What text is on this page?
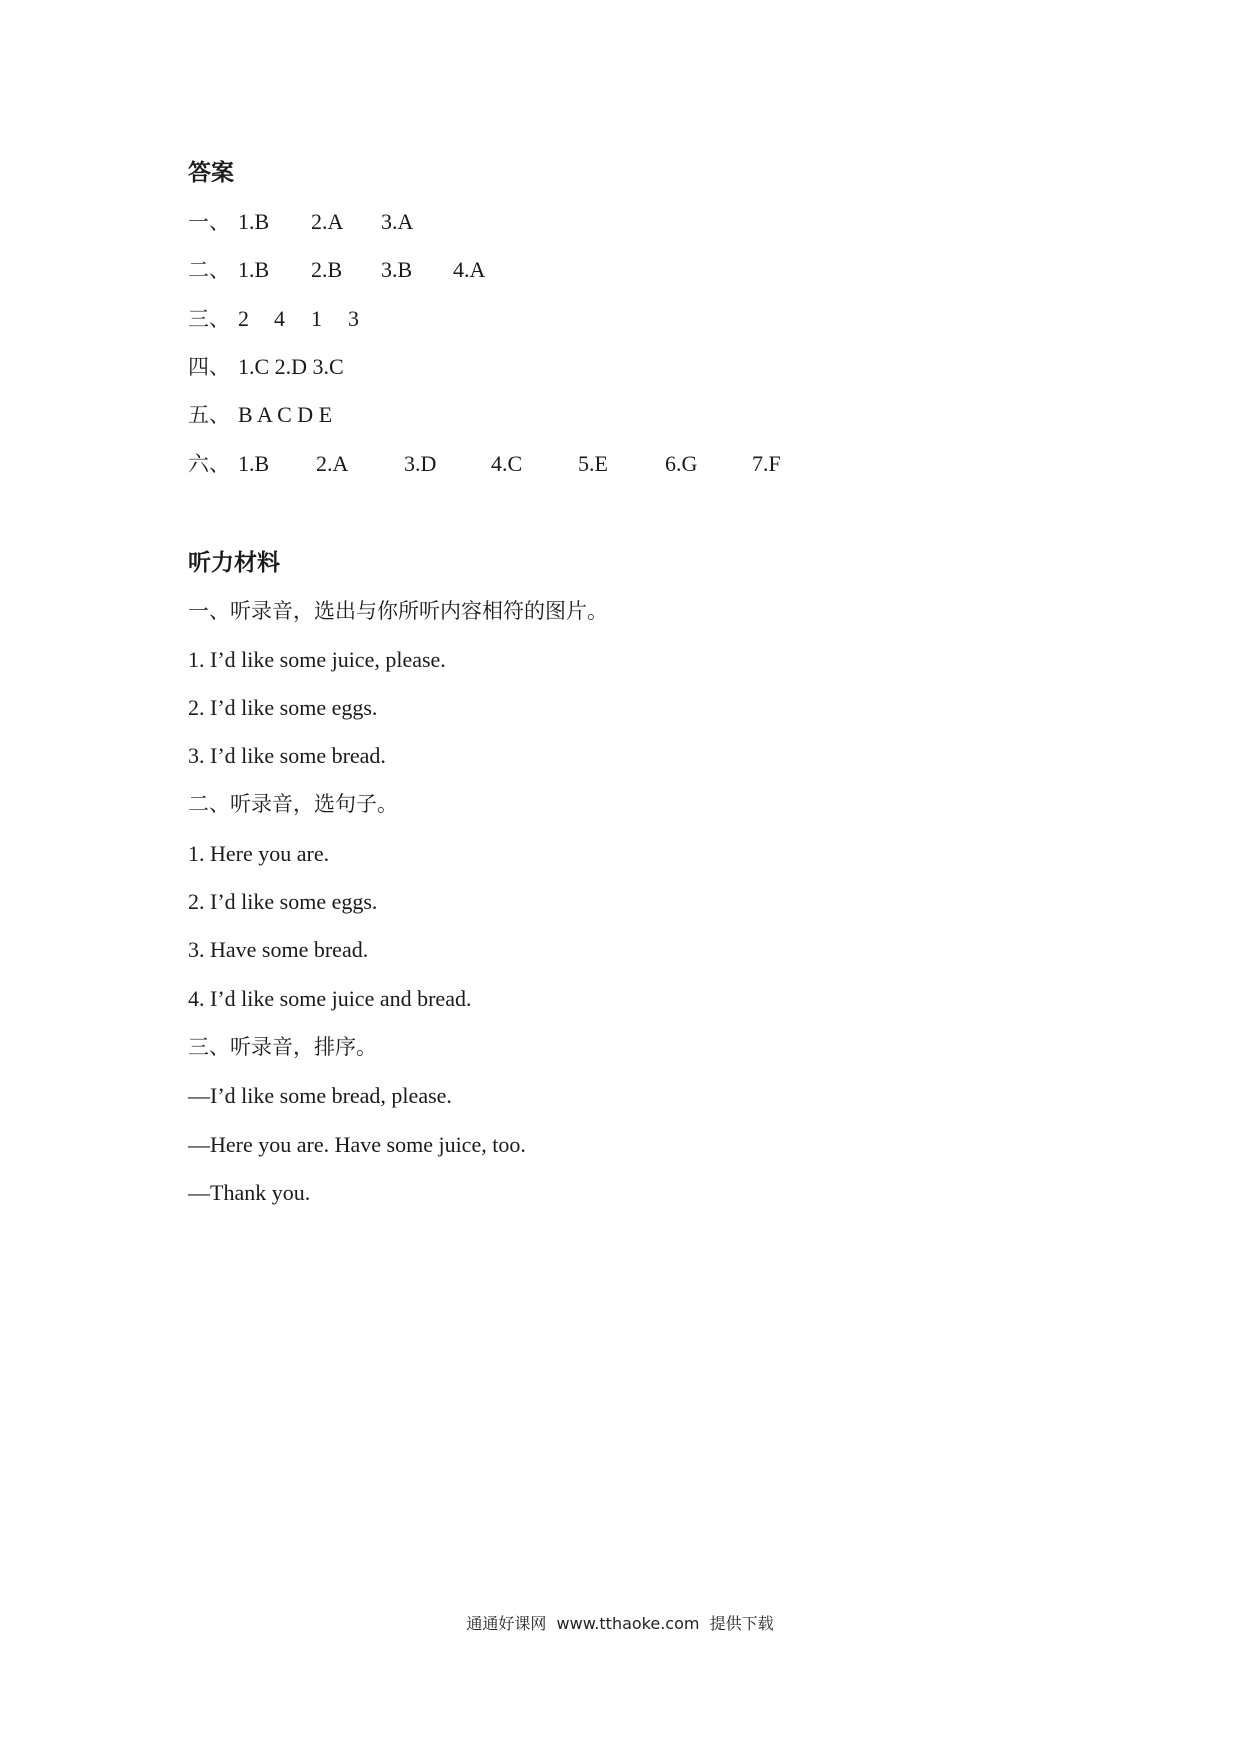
答案
一、 1.B 2.A 3.A
二、 1.B 2.B 3.B 4.A
三、 2 4 1 3
四、 1.C 2.D 3.C
五、 B A C D E
六、 1.B 2.A	3.D 4.C	5.E	6.G 7.F
听力材料
一、听录音，选出与你所听内容相符的图片。
1. I’d like some juice, please.
2. I’d like some eggs.
3. I’d like some bread.
二、听录音，选句子。
1. Here you are.
2. I’d like some eggs.
3. Have some bread.
4. I’d like some juice and bread.
三、听录音，排序。
—I’d like some bread, please.
—Here you are. Have some juice, too.
—Thank you.
通通好课网  www.tthaoke.com  提供下载
